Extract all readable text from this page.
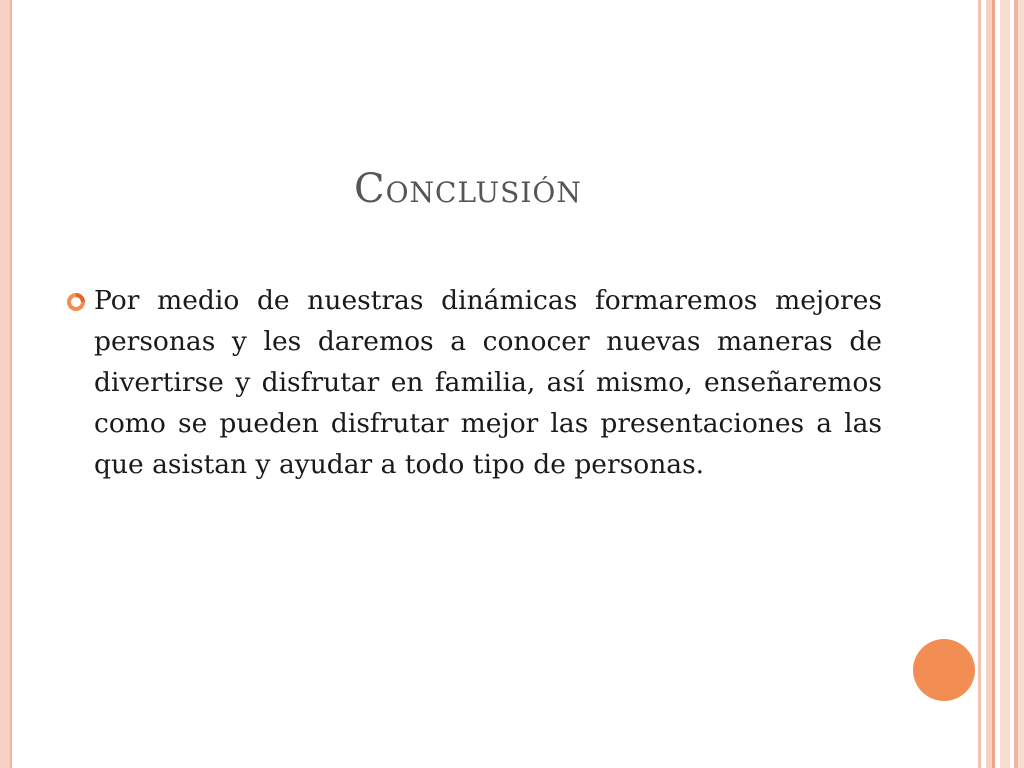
Conclusión
Por medio de nuestras dinámicas formaremos mejores personas y les daremos a conocer nuevas maneras de divertirse y disfrutar en familia, así mismo, enseñaremos como se pueden disfrutar mejor las presentaciones a las que asistan y ayudar a todo tipo de personas.
